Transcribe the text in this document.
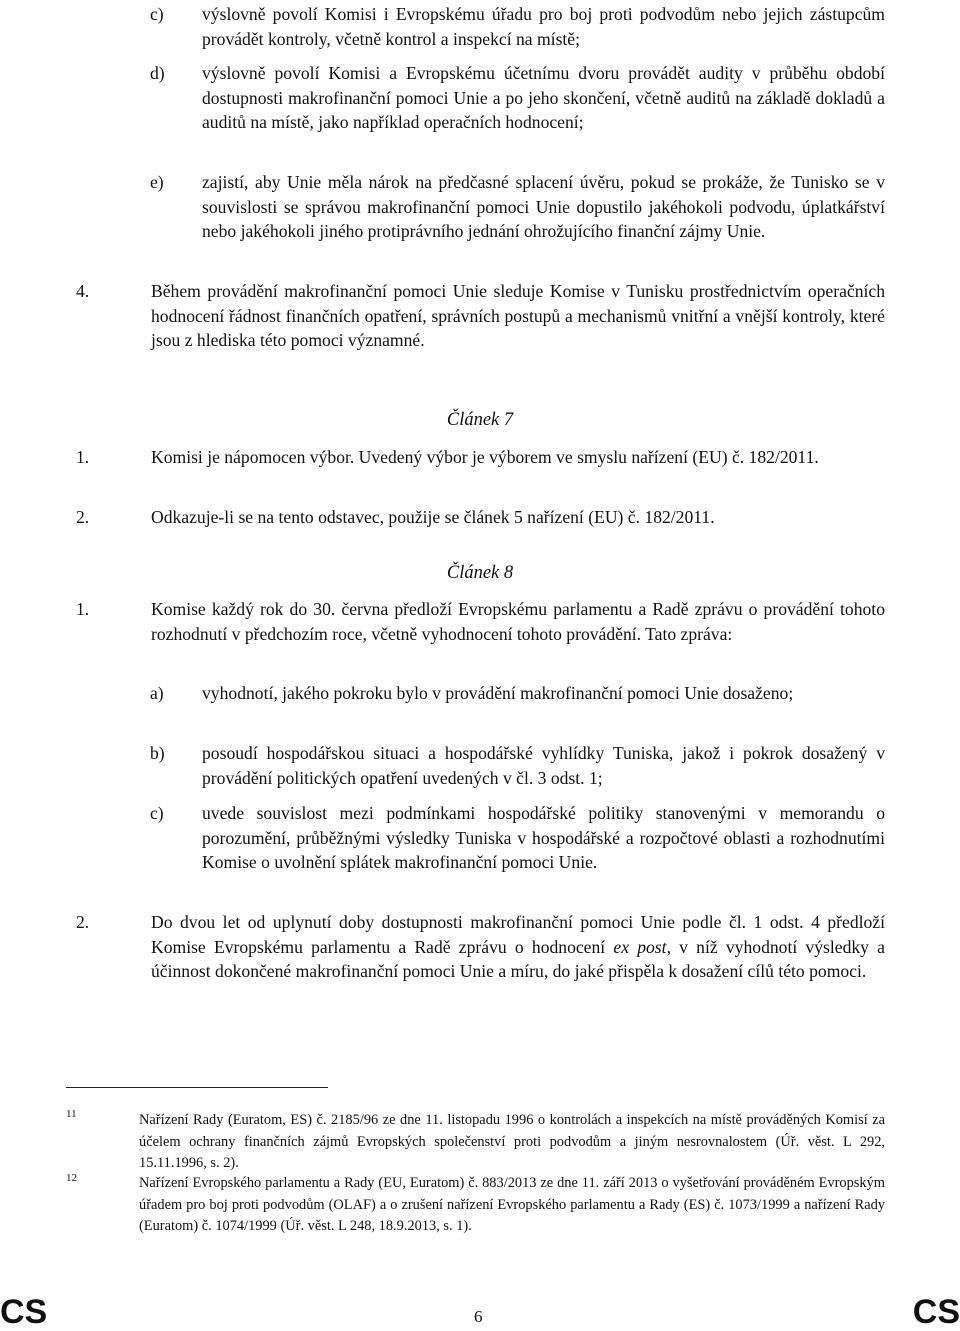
c) výslovně povolí Komisi i Evropskému úřadu pro boj proti podvodům nebo jejich zástupcům provádět kontroly, včetně kontrol a inspekcí na místě;
d) výslovně povolí Komisi a Evropskému účetnímu dvoru provádět audity v průběhu období dostupnosti makrofinanční pomoci Unie a po jeho skončení, včetně auditů na základě dokladů a auditů na místě, jako například operačních hodnocení;
e) zajistí, aby Unie měla nárok na předčasné splacení úvěru, pokud se prokáže, že Tunisko se v souvislosti se správou makrofinanční pomoci Unie dopustilo jakéhokoli podvodu, úplatkářství nebo jakéhokoli jiného protiprávního jednání ohrožujícího finanční zájmy Unie.
4.	Během provádění makrofinanční pomoci Unie sleduje Komise v Tunisku prostřednictvím operačních hodnocení řádnost finančních opatření, správních postupů a mechanismů vnitřní a vnější kontroly, které jsou z hlediska této pomoci významné.
Článek 7
1.	Komisi je nápomocen výbor. Uvedený výbor je výborem ve smyslu nařízení (EU) č. 182/2011.
2.	Odkazuje-li se na tento odstavec, použije se článek 5 nařízení (EU) č. 182/2011.
Článek 8
1.	Komise každý rok do 30. června předloží Evropskému parlamentu a Radě zprávu o provádění tohoto rozhodnutí v předchozím roce, včetně vyhodnocení tohoto provádění. Tato zpráva:
a) vyhodnotí, jakého pokroku bylo v provádění makrofinanční pomoci Unie dosaženo;
b) posoudí hospodářskou situaci a hospodářské vyhlídky Tuniska, jakož i pokrok dosažený v provádění politických opatření uvedených v čl. 3 odst. 1;
c) uvede souvislost mezi podmínkami hospodářské politiky stanovenými v memorandu o porozumění, průběžnými výsledky Tuniska v hospodářské a rozpočtové oblasti a rozhodnutími Komise o uvolnění splátek makrofinanční pomoci Unie.
2.	Do dvou let od uplynutí doby dostupnosti makrofinanční pomoci Unie podle čl. 1 odst. 4 předloží Komise Evropskému parlamentu a Radě zprávu o hodnocení ex post, v níž vyhodnotí výsledky a účinnost dokončené makrofinanční pomoci Unie a míru, do jaké přispěla k dosažení cílů této pomoci.
11	Nařízení Rady (Euratom, ES) č. 2185/96 ze dne 11. listopadu 1996 o kontrolách a inspekcích na místě prováděných Komisí za účelem ochrany finančních zájmů Evropských společenství proti podvodům a jiným nesrovnalostem (Úř. věst. L 292, 15.11.1996, s. 2).
12	Nařízení Evropského parlamentu a Rady (EU, Euratom) č. 883/2013 ze dne 11. září 2013 o vyšetřování prováděném Evropským úřadem pro boj proti podvodům (OLAF) a o zrušení nařízení Evropského parlamentu a Rady (ES) č. 1073/1999 a nařízení Rady (Euratom) č. 1074/1999 (Úř. věst. L 248, 18.9.2013, s. 1).
CS	6	CS
